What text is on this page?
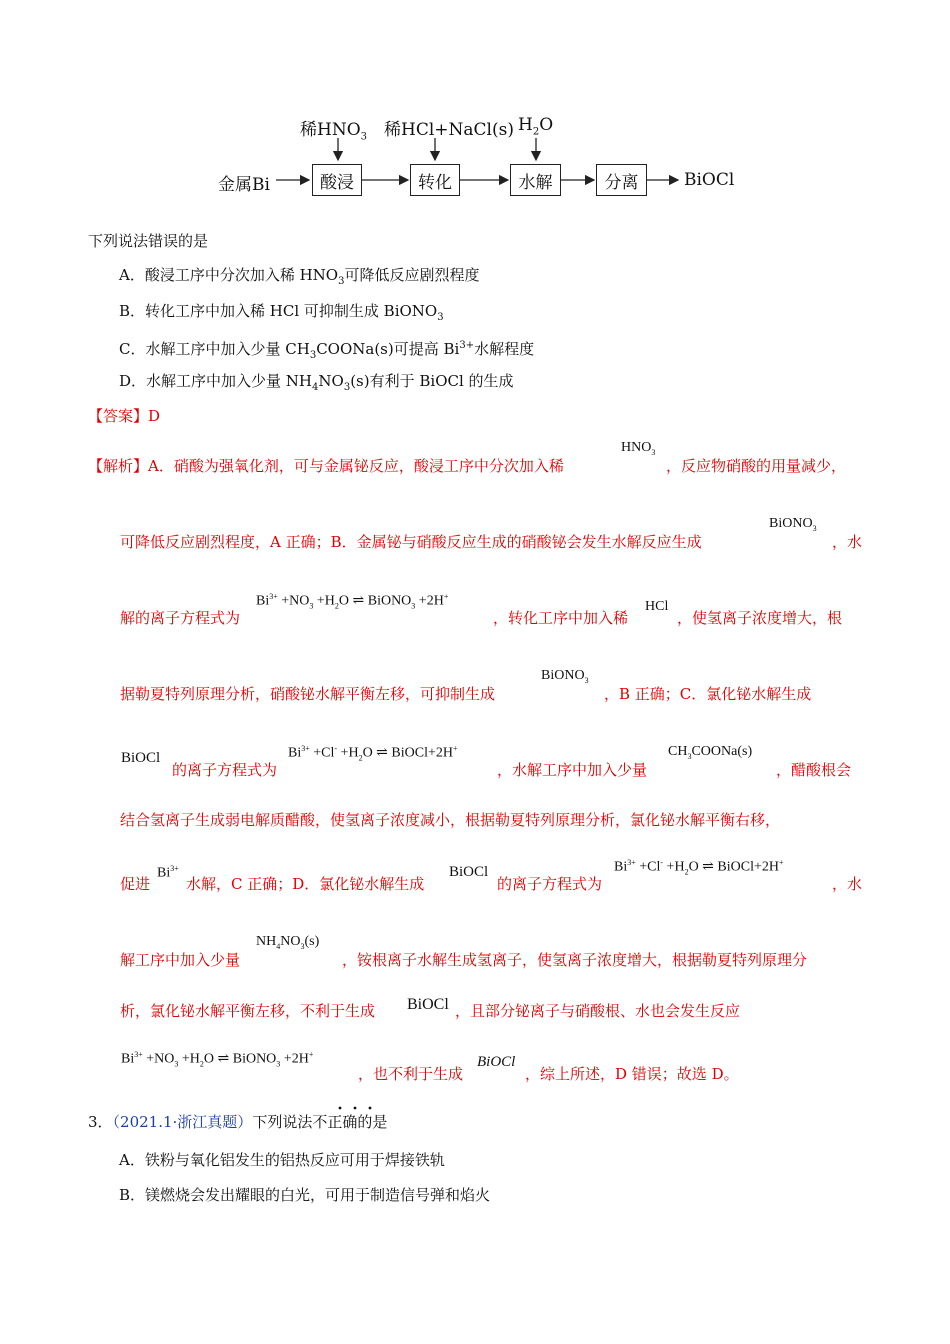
稀$HNO_3$ 稀HCl+NaCl(s) $H_2O$
金属Bi	酸浸	转化	水解	分离	BiOCl
下列说法错误的是
A．酸浸工序中分次加入稀 $HNO_3$可降低反应剧烈程度
B．转化工序中加入稀 HCl 可抑制生成 BiONO$_3$
C．水解工序中加入少量 $CH_3COONa(s)$可提高 $Bi^{3+}$水解程度
D．水解工序中加入少量 $NH_4NO_3(s)$有利于 BiOCl 的生成
【答案】D
【解析】A．硝酸为强氧化剂，可与金属铋反应，酸浸工序中分次加入稀
$HNO_3$
，反应物硝酸的用量减少，
可降低反应剧烈程度，A 正确；B．金属铋与硝酸反应生成的硝酸铋会发生水解反应生成
BiONO$_3$
，水
解的离子方程式为
$Bi^{3+} +NO_3 +H_2O$ ⇌ BiONO$_3$ +2H+
，转化工序中加入稀
HCl
，使氢离子浓度增大，根
据勒夏特列原理分析，硝酸铋水解平衡左移，可抑制生成
BiONO$_3$
，B 正确；C．氯化铋水解生成
BiOCl
的离子方程式为
$Bi^{3+} +Cl^- +H_2O$ ⇌ BiOCl+2H+
，水解工序中加入少量
$CH_3COONa(s)$
，醋酸根会
结合氢离子生成弱电解质醋酸，使氢离子浓度减小，根据勒夏特列原理分析，氯化铋水解平衡右移，
促进
$Bi^{3+}$
水解，C 正确；D．氯化铋水解生成
BiOCl
的离子方程式为
$Bi^{3+} +Cl^- +H_2O$ ⇌ BiOCl+2H+
，水
解工序中加入少量
$NH_4NO_3(s)$
，铵根离子水解生成氢离子，使氢离子浓度增大，根据勒夏特列原理分
析，氯化铋水解平衡左移，不利于生成 BiOCl ，且部分铋离子与硝酸根、水也会发生反应
$Bi^{3+} +NO_3 +H_2O$ ⇌ BiONO$_3$ +2H+
，也不利于生成
BiOCl
，综上所述，D 错误；故选 D。
3．（2021.1·浙江真题）下列说法不正确的是
A．铁粉与氧化铝发生的铝热反应可用于焊接铁轨
B．镁燃烧会发出耀眼的白光，可用于制造信号弹和焰火
